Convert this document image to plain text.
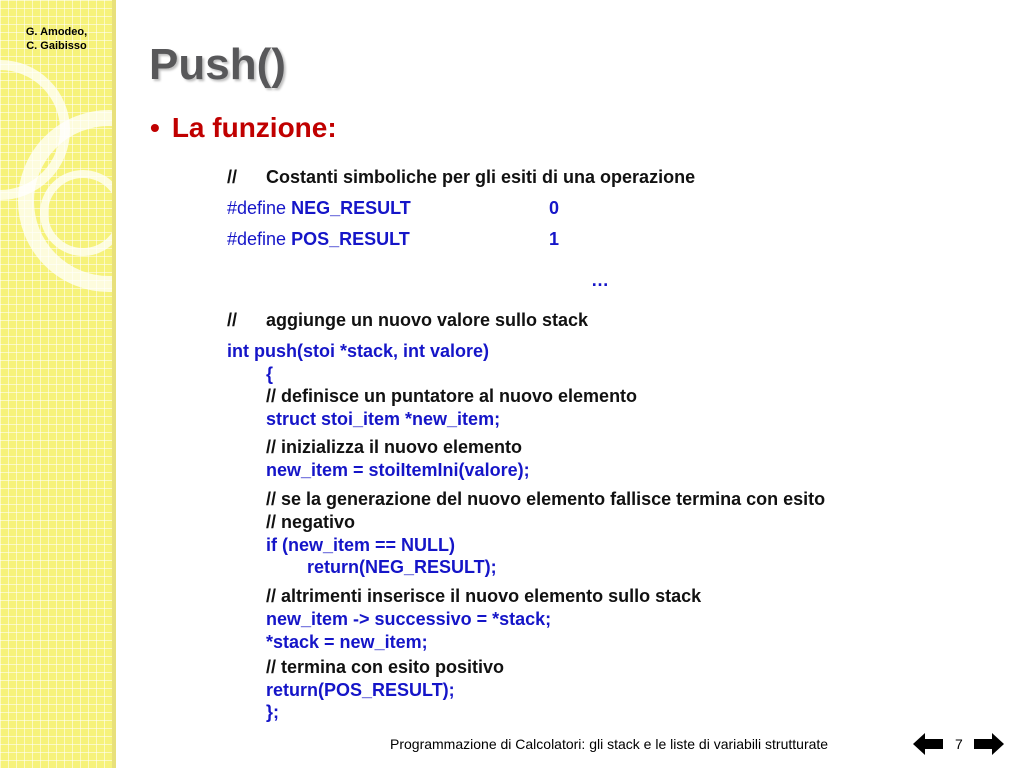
G. Amodeo,
C. Gaibisso	Push()
• La funzione:
// Costanti simboliche per gli esiti di una operazione
#define NEG_RESULT	0
#define POS_RESULT	1
…
// aggiunge un nuovo valore sullo stack
int push(stoi *stack, int valore)
{
// definisce un puntatore al nuovo elemento
struct stoi_item *new_item;
// inizializza il nuovo elemento
new_item = stoiItemIni(valore);
// se la generazione del nuovo elemento fallisce termina con esito
// negativo
if (new_item == NULL)
return(NEG_RESULT);
// altrimenti inserisce il nuovo elemento sullo stack
new_item -> successivo = *stack;
*stack = new_item;
// termina con esito positivo
return(POS_RESULT);
};
Programmazione di Calcolatori: gli stack e le liste di variabili strutturate	7
